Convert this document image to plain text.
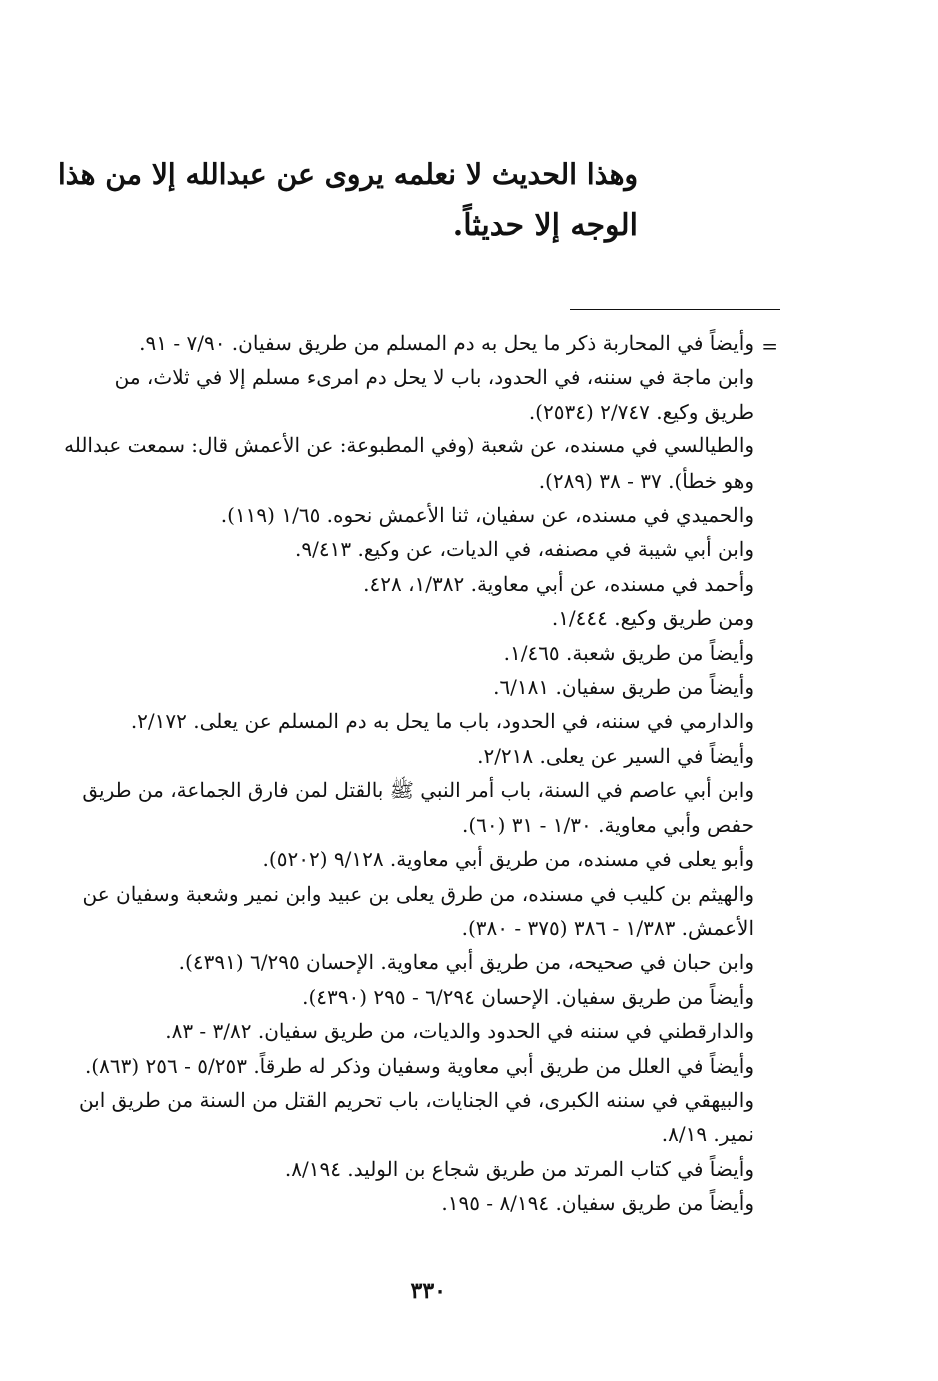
وهذا الحديث لا نعلمه يروى عن عبدالله إلا من هذا
الوجه إلا حديثاً.
=
وأيضاً في المحاربة ذكر ما يحل به دم المسلم من طريق سفيان. ٧/٩٠ - ٩١.
وابن ماجة في سننه، في الحدود، باب لا يحل دم امرىء مسلم إلا في ثلاث، من
طريق وكيع. ٢/٧٤٧ (٢٥٣٤).
والطيالسي في مسنده، عن شعبة (وفي المطبوعة: عن الأعمش قال: سمعت عبدالله
وهو خطأ). ٣٧ - ٣٨ (٢٨٩).
والحميدي في مسنده، عن سفيان، ثنا الأعمش نحوه. ١/٦٥ (١١٩).
وابن أبي شيبة في مصنفه، في الديات، عن وكيع. ٩/٤١٣.
وأحمد في مسنده، عن أبي معاوية. ١/٣٨٢، ٤٢٨.
ومن طريق وكيع. ١/٤٤٤.
وأيضاً من طريق شعبة. ١/٤٦٥.
وأيضاً من طريق سفيان. ٦/١٨١.
والدارمي في سننه، في الحدود، باب ما يحل به دم المسلم عن يعلى. ٢/١٧٢.
وأيضاً في السير عن يعلى. ٢/٢١٨.
وابن أبي عاصم في السنة، باب أمر النبي ﷺ بالقتل لمن فارق الجماعة، من طريق
حفص وأبي معاوية. ١/٣٠ - ٣١ (٦٠).
وأبو يعلى في مسنده، من طريق أبي معاوية. ٩/١٢٨ (٥٢٠٢).
والهيثم بن كليب في مسنده، من طرق يعلى بن عبيد وابن نمير وشعبة وسفيان عن
الأعمش. ١/٣٨٣ - ٣٨٦ (٣٧٥ - ٣٨٠).
وابن حبان في صحيحه، من طريق أبي معاوية. الإحسان ٦/٢٩٥ (٤٣٩١).
وأيضاً من طريق سفيان. الإحسان ٦/٢٩٤ - ٢٩٥ (٤٣٩٠).
والدارقطني في سننه في الحدود والديات، من طريق سفيان. ٣/٨٢ - ٨٣.
وأيضاً في العلل من طريق أبي معاوية وسفيان وذكر له طرقاً. ٥/٢٥٣ - ٢٥٦ (٨٦٣).
والبيهقي في سننه الكبرى، في الجنايات، باب تحريم القتل من السنة من طريق ابن
نمير. ٨/١٩.
وأيضاً في كتاب المرتد من طريق شجاع بن الوليد. ٨/١٩٤.
وأيضاً من طريق سفيان. ٨/١٩٤ - ١٩٥.
٣٣٠
